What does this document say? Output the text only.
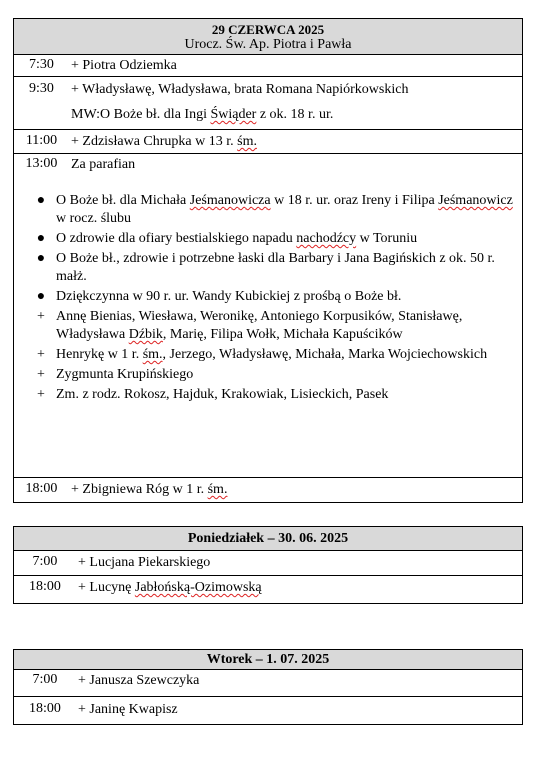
29 CZERWCA 2025
Urocz. Św. Ap. Piotra i Pawła
7:30	+ Piotra Odziemka
9:30	+ Władysławę, Władysława, brata Romana Napiórkowskich
MW:O Boże bł. dla Ingi Świąder z ok. 18 r. ur.
11:00 + Zdzisława Chrupka w 13 r. śm.
13:00 Za parafian
● O Boże bł. dla Michała Jeśmanowicza w 18 r. ur. oraz Ireny i Filipa Jeśmanowicz w rocz. ślubu
● O zdrowie dla ofiary bestialskiego napadu nachodźcy w Toruniu
● O Boże bł., zdrowie i potrzebne łaski dla Barbary i Jana Bagińskich z ok. 50 r. małż.
● Dziękczynna w 90 r. ur. Wandy Kubickiej z prośbą o Boże bł.
+ Annę Bienias, Wiesława, Weronikę, Antoniego Korpusików, Stanisławę, Władysława Dźbik, Marię, Filipa Wołk, Michała Kapuścików
+ Henrykę w 1 r. śm., Jerzego, Władysławę, Michała, Marka Wojciechowskich
+ Zygmunta Krupińskiego
+ Zm. z rodz. Rokosz, Hajduk, Krakowiak, Lisieckich, Pasek
18:00 + Zbigniewa Róg w 1 r. śm.
Poniedziałek – 30. 06. 2025
7:00	+ Lucjana Piekarskiego
18:00	+ Lucynę Jabłońską-Ozimowską
Wtorek – 1. 07. 2025
7:00	+ Janusza Szewczyka
18:00	+ Janinę Kwapisz
